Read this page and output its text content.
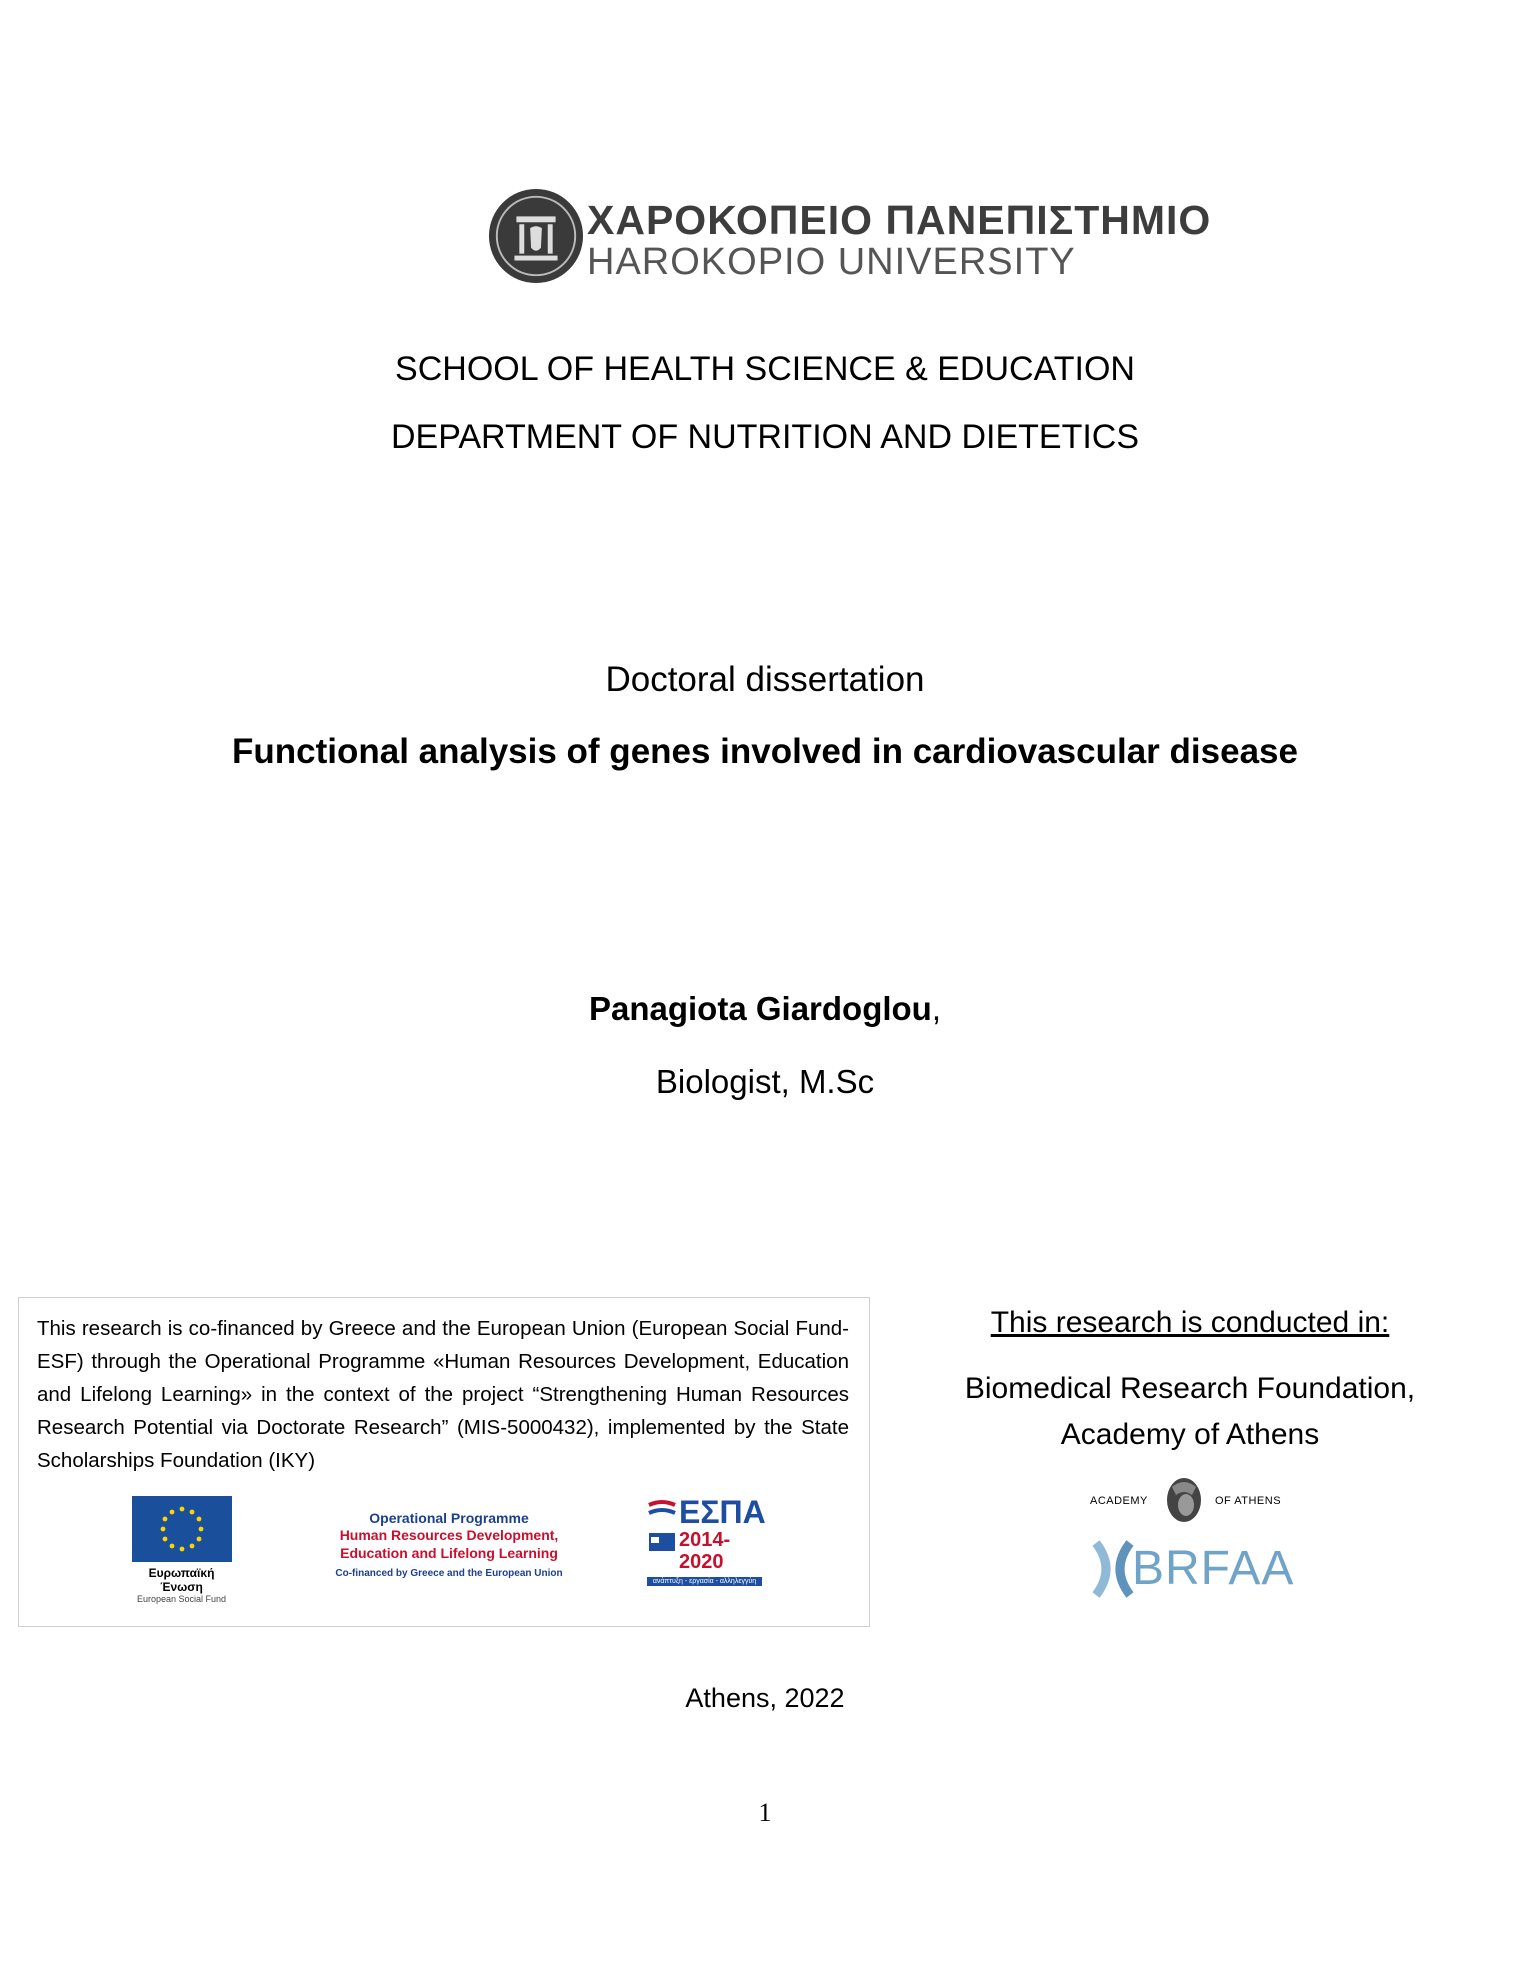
ΧΑΡΟΚΟΠΕΙΟ ΠΑΝΕΠΙΣΤΗΜΙΟ
HAROKOPIO UNIVERSITY
SCHOOL OF HEALTH SCIENCE & EDUCATION
DEPARTMENT OF NUTRITION AND DIETETICS
Doctoral dissertation
Functional analysis of genes involved in cardiovascular disease
Panagiota Giardoglou,
Biologist, M.Sc
This research is co-financed by Greece and the European Union (European Social Fund- ESF) through the Operational Programme «Human Resources Development, Education and Lifelong Learning» in the context of the project “Strengthening Human Resources Research Potential via Doctorate Research” (MIS-5000432), implemented by the State Scholarships Foundation (IKY)
Ευρωπαϊκή Ένωση
European Social Fund
Operational Programme
Human Resources Development,
Education and Lifelong Learning
Co-financed by Greece and the European Union
ΕΣΠΑ
2014-2020
ανάπτυξη - εργασία - αλληλεγγύη
This research is conducted in:
Biomedical Research Foundation,
Academy of Athens
ACADEMY	OF ATHENS
BRFAA
Athens, 2022
1
